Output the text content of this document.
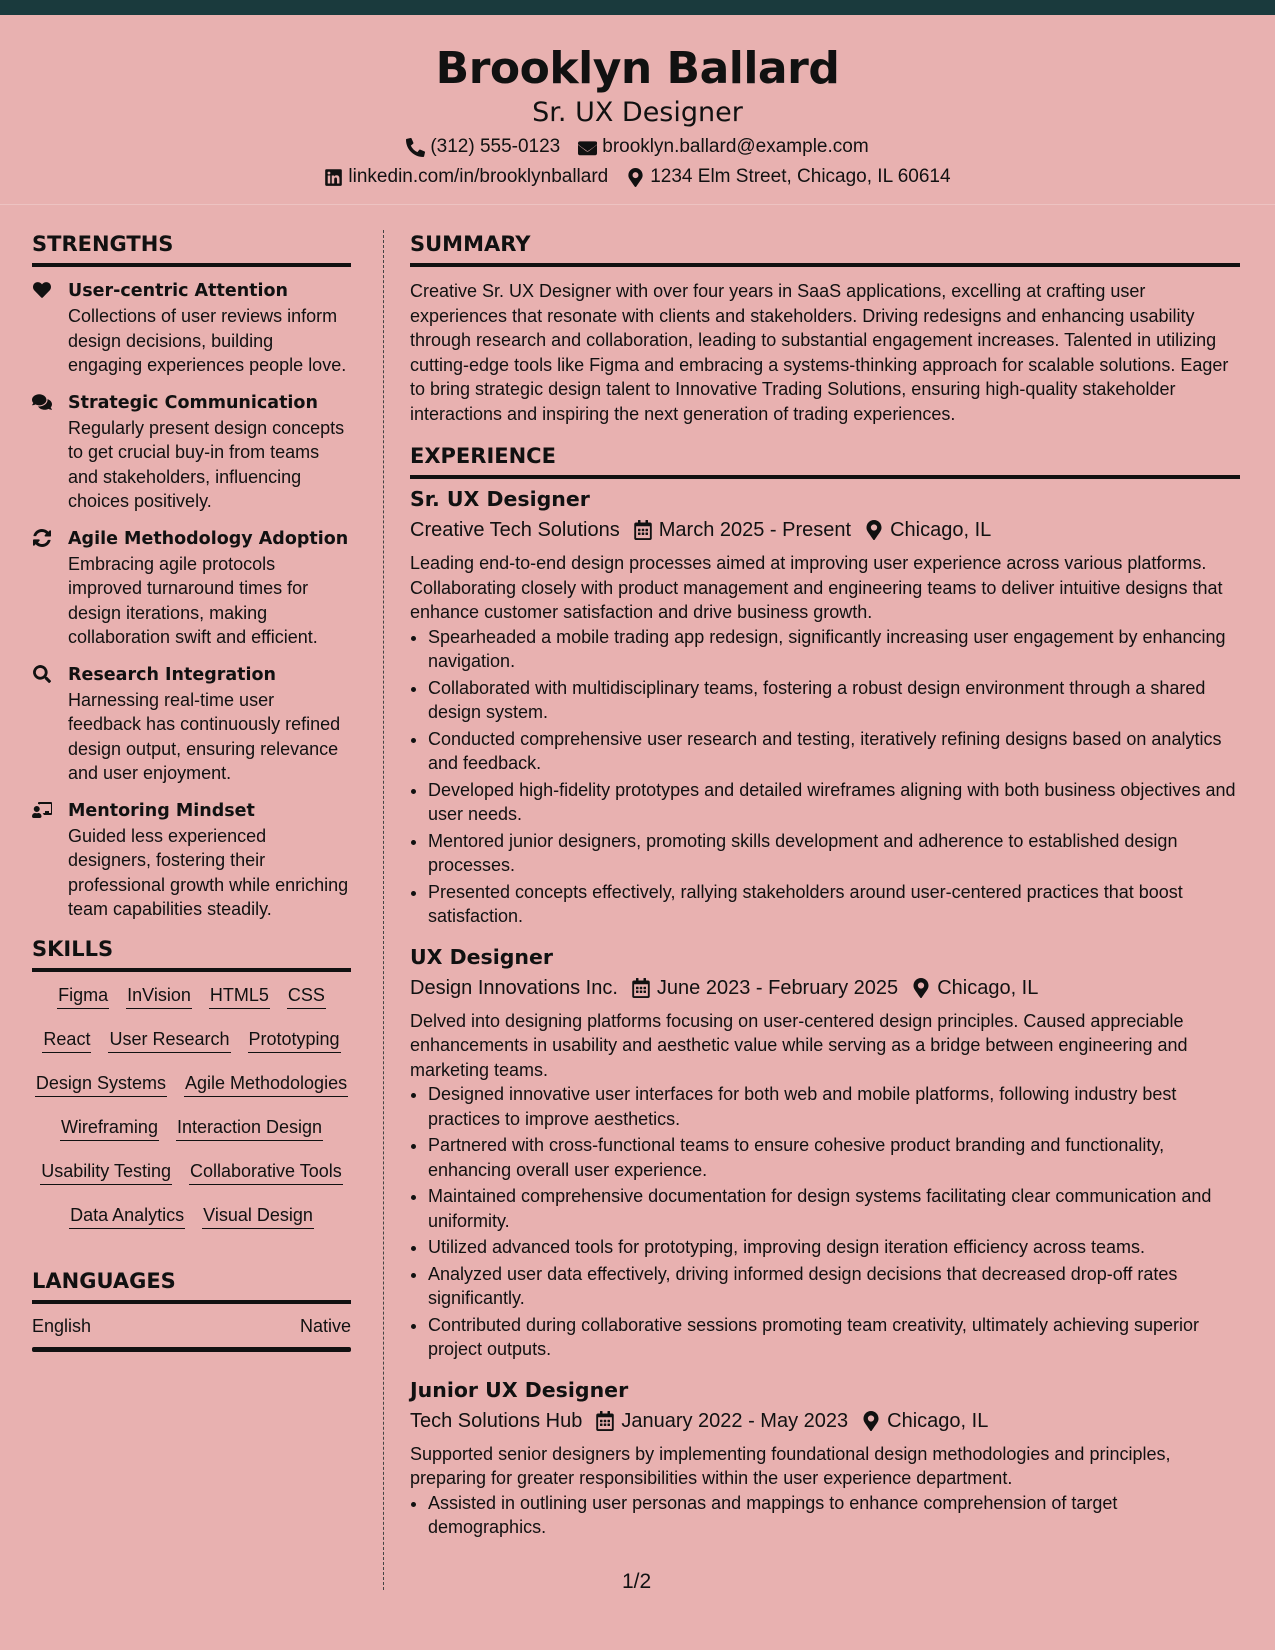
Brooklyn Ballard
Sr. UX Designer
(312) 555-0123 brooklyn.ballard@example.com
linkedin.com/in/brooklynballard 1234 Elm Street, Chicago, IL 60614
STRENGTHS
User-centric Attention
Collections of user reviews inform design decisions, building engaging experiences people love.
Strategic Communication
Regularly present design concepts to get crucial buy-in from teams and stakeholders, influencing choices positively.
Agile Methodology Adoption
Embracing agile protocols improved turnaround times for design iterations, making collaboration swift and efficient.
Research Integration
Harnessing real-time user feedback has continuously refined design output, ensuring relevance and user enjoyment.
Mentoring Mindset
Guided less experienced designers, fostering their professional growth while enriching team capabilities steadily.
SKILLS
Figma InVision HTML5 CSS
React User Research Prototyping
Design Systems Agile Methodologies
Wireframing Interaction Design
Usability Testing Collaborative Tools
Data Analytics Visual Design
LANGUAGES
English	Native
SUMMARY

Creative Sr. UX Designer with over four years in SaaS applications, excelling at crafting user experiences that resonate with clients and stakeholders. Driving redesigns and enhancing usability through research and collaboration, leading to substantial engagement increases. Talented in utilizing cutting-edge tools like Figma and embracing a systems-thinking approach for scalable solutions. Eager to bring strategic design talent to Innovative Trading Solutions, ensuring high-quality stakeholder interactions and inspiring the next generation of trading experiences.

EXPERIENCE
Sr. UX Designer
Creative Tech Solutions March 2025 - Present Chicago, IL

Leading end-to-end design processes aimed at improving user experience across various platforms. Collaborating closely with product management and engineering teams to deliver intuitive designs that enhance customer satisfaction and drive business growth.

• Spearheaded a mobile trading app redesign, significantly increasing user engagement by enhancing navigation.
• Collaborated with multidisciplinary teams, fostering a robust design environment through a shared design system.
• Conducted comprehensive user research and testing, iteratively refining designs based on analytics and feedback.
• Developed high-fidelity prototypes and detailed wireframes aligning with both business objectives and user needs.
• Mentored junior designers, promoting skills development and adherence to established design processes.
• Presented concepts effectively, rallying stakeholders around user-centered practices that boost satisfaction.
UX Designer
Design Innovations Inc. June 2023 - February 2025 Chicago, IL

Delved into designing platforms focusing on user-centered design principles. Caused appreciable enhancements in usability and aesthetic value while serving as a bridge between engineering and marketing teams.

• Designed innovative user interfaces for both web and mobile platforms, following industry best practices to improve aesthetics.
• Partnered with cross-functional teams to ensure cohesive product branding and functionality, enhancing overall user experience.
• Maintained comprehensive documentation for design systems facilitating clear communication and uniformity.
• Utilized advanced tools for prototyping, improving design iteration efficiency across teams.
• Analyzed user data effectively, driving informed design decisions that decreased drop-off rates significantly.
• Contributed during collaborative sessions promoting team creativity, ultimately achieving superior project outputs.
Junior UX Designer
Tech Solutions Hub January 2022 - May 2023 Chicago, IL

Supported senior designers by implementing foundational design methodologies and principles, preparing for greater responsibilities within the user experience department.

• Assisted in outlining user personas and mappings to enhance comprehension of target demographics.
1/2
